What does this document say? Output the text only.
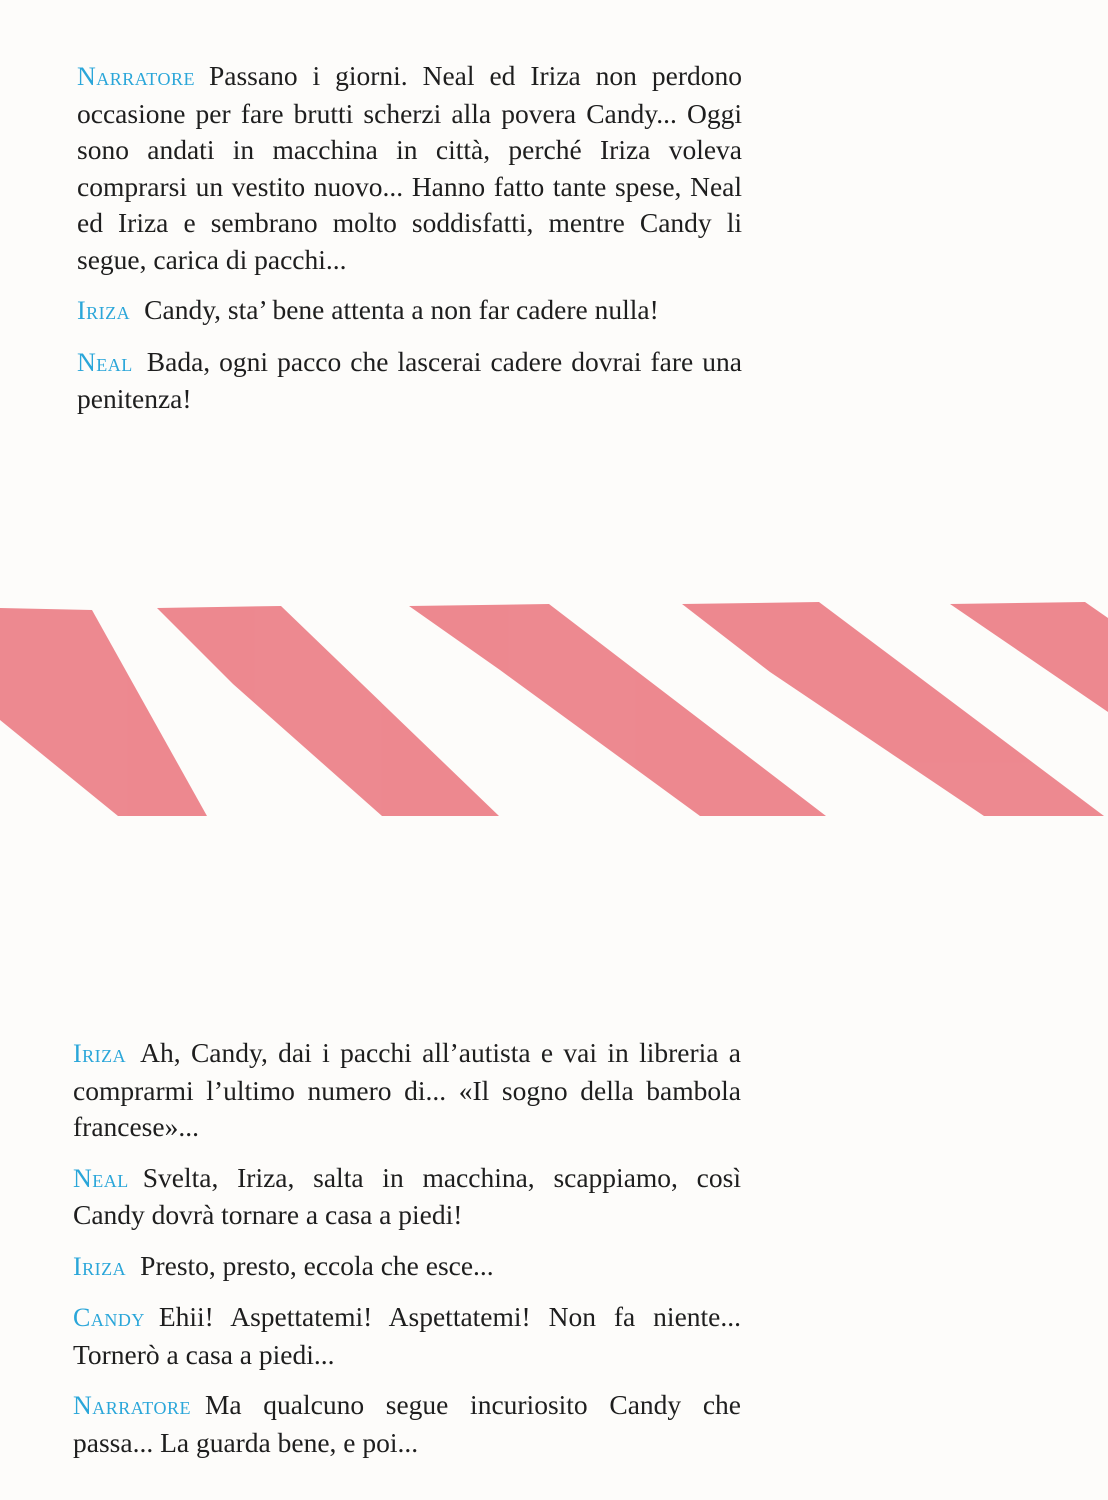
Narratore Passano i giorni. Neal ed Iriza non perdono occasione per fare brutti scherzi alla povera Candy... Oggi sono andati in macchina in città, perché Iriza voleva comprarsi un vestito nuovo... Hanno fatto tante spese, Neal ed Iriza e sembrano molto soddisfatti, mentre Candy li segue, carica di pacchi...

Iriza Candy, sta’ bene attenta a non far cadere nulla!

Neal Bada, ogni pacco che lascerai cadere dovrai fare una penitenza!

Iriza Ah, Candy, dai i pacchi all’autista e vai in libreria a comprarmi l’ultimo numero di... «Il sogno della bambola francese»...

Neal Svelta, Iriza, salta in macchina, scappiamo, così Candy dovrà tornare a casa a piedi!

Iriza Presto, presto, eccola che esce...

Candy Ehii! Aspettatemi! Aspettatemi! Non fa niente... Tornerò a casa a piedi...

Narratore Ma qualcuno segue incuriosito Candy che passa... La guarda bene, e poi...
